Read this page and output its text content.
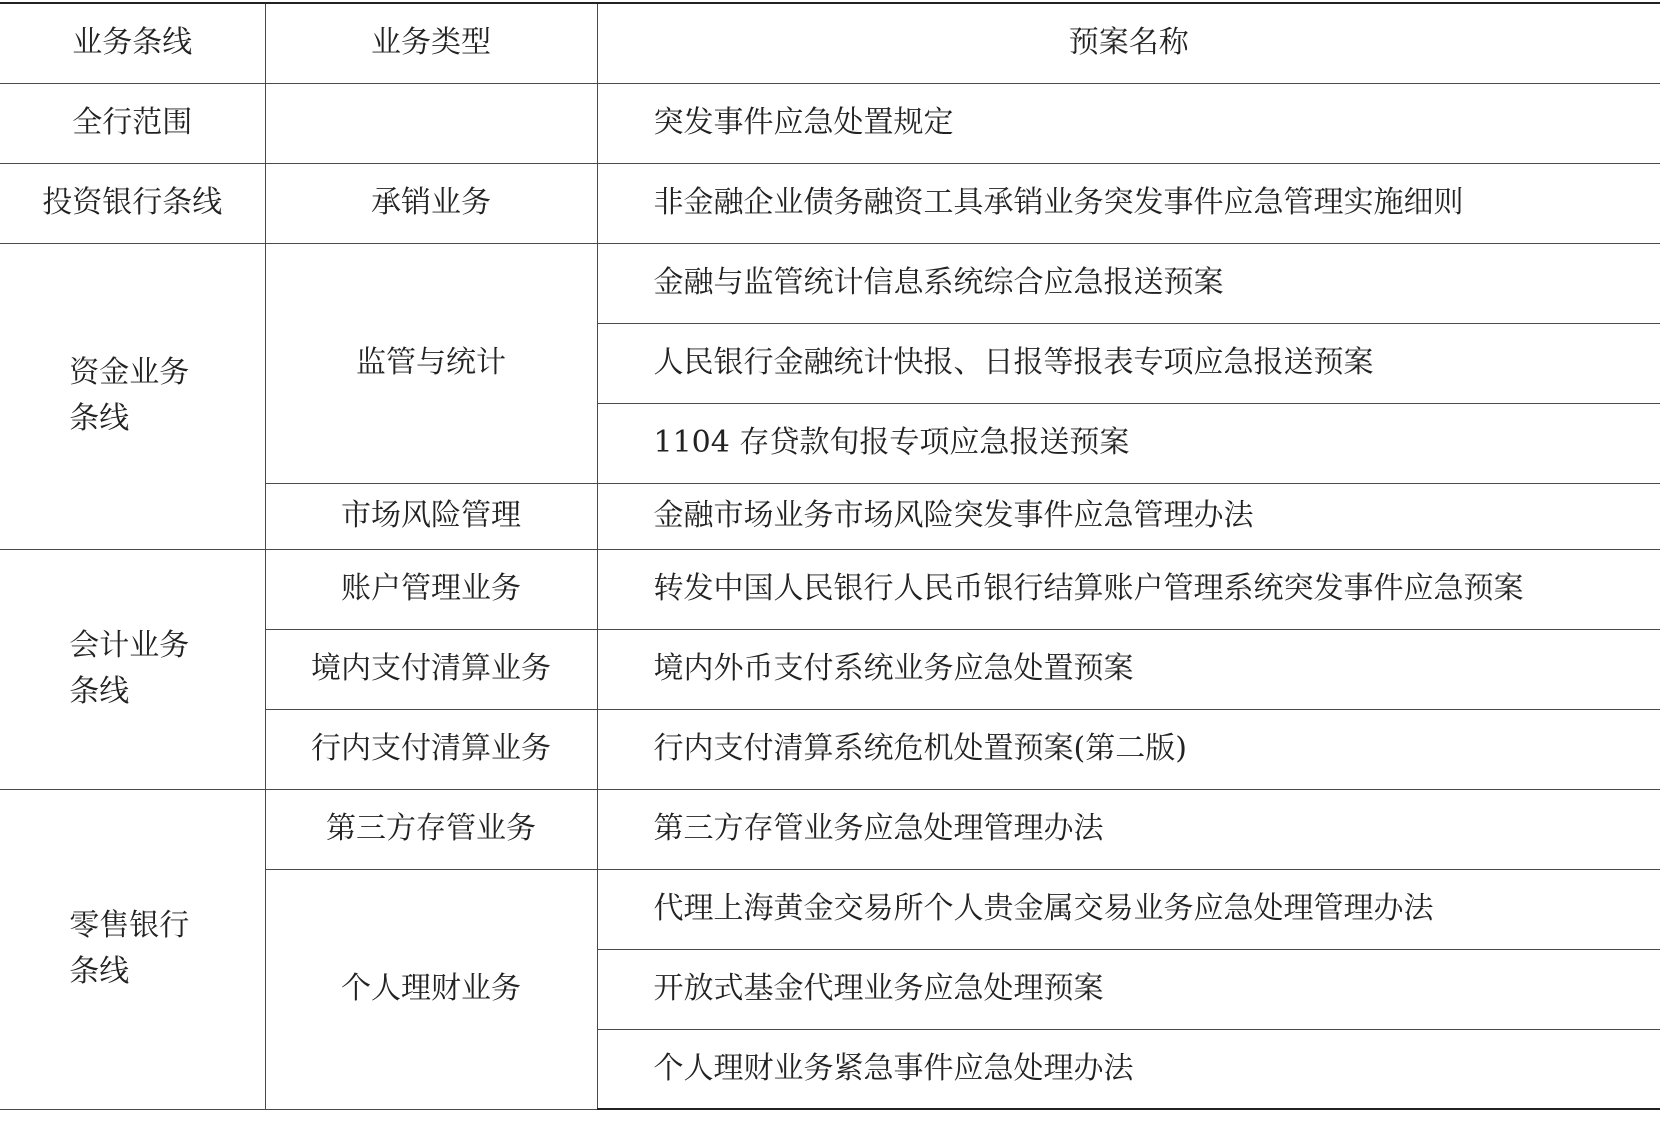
业务条线	业务类型	预案名称
全行范围		突发事件应急处置规定
投资银行条线	承销业务	非金融企业债务融资工具承销业务突发事件应急管理实施细则
资金业务条线	监管与统计	金融与监管统计信息系统综合应急报送预案
		人民银行金融统计快报、日报等报表专项应急报送预案
		1104 存贷款旬报专项应急报送预案
	市场风险管理	金融市场业务市场风险突发事件应急管理办法
会计业务条线	账户管理业务	转发中国人民银行人民币银行结算账户管理系统突发事件应急预案
	境内支付清算业务	境内外币支付系统业务应急处置预案
	行内支付清算业务	行内支付清算系统危机处置预案(第二版)
零售银行条线	第三方存管业务	第三方存管业务应急处理管理办法
	个人理财业务	代理上海黄金交易所个人贵金属交易业务应急处理管理办法
		开放式基金代理业务应急处理预案
		个人理财业务紧急事件应急处理办法
